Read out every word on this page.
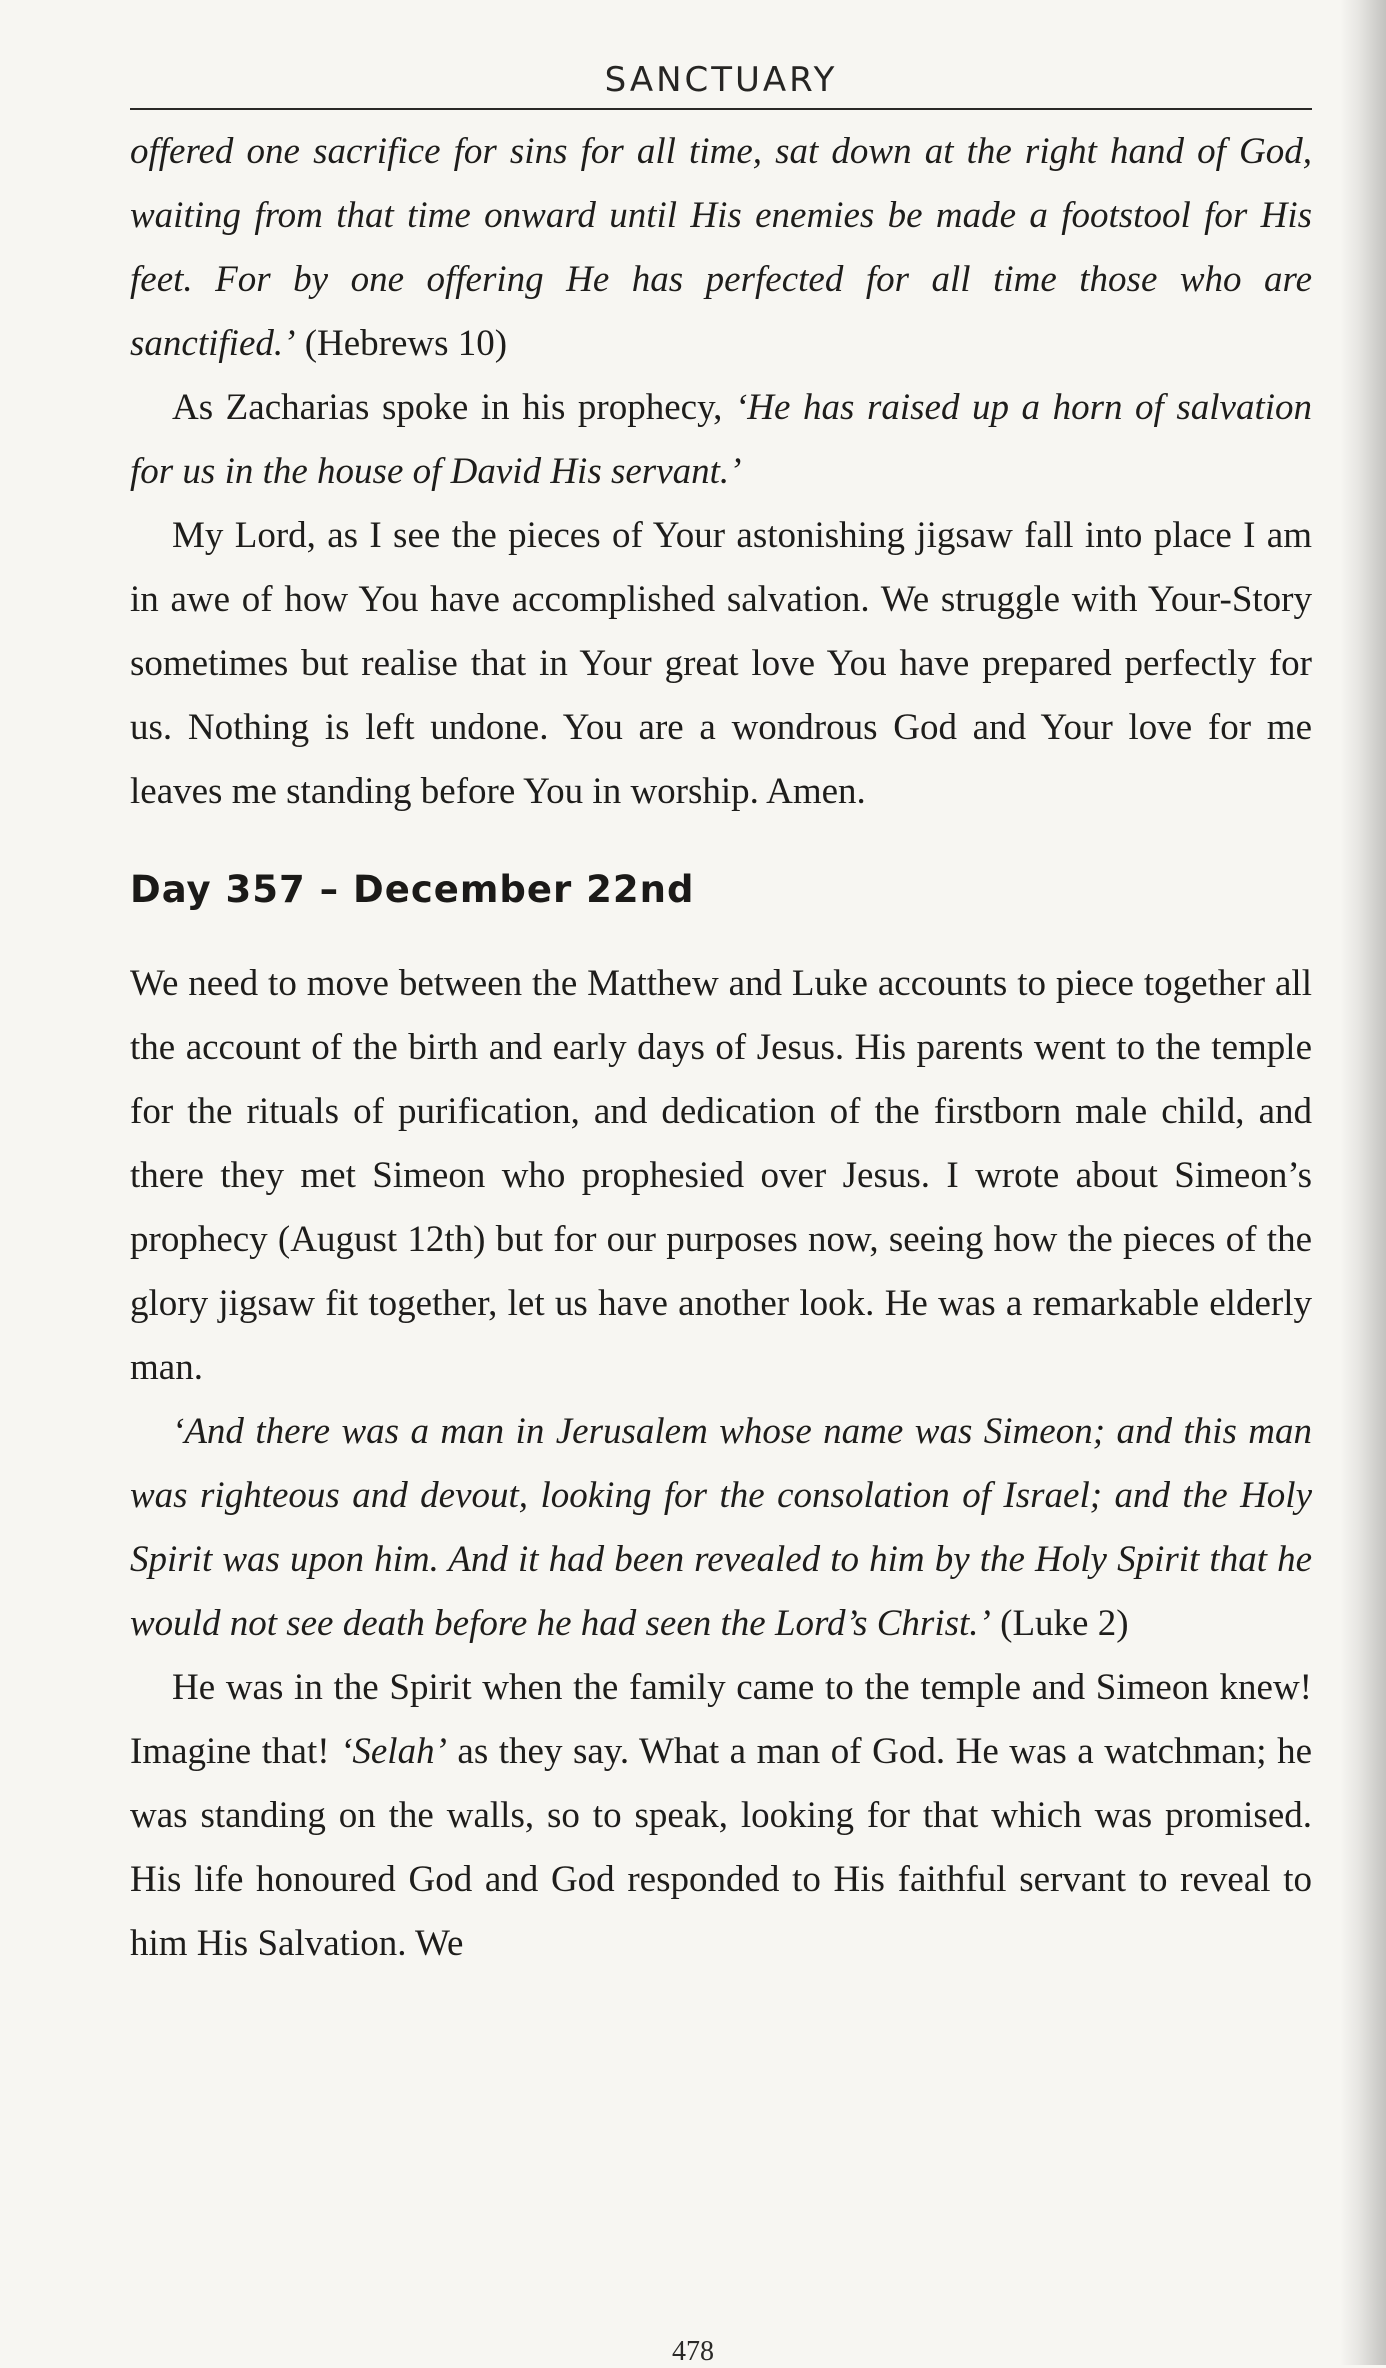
SANCTUARY

offered one sacrifice for sins for all time, sat down at the right hand of God, waiting from that time onward until His enemies be made a footstool for His feet. For by one offering He has perfected for all time those who are sanctified.’ (Hebrews 10)

As Zacharias spoke in his prophecy, ‘He has raised up a horn of salvation for us in the house of David His servant.’

My Lord, as I see the pieces of Your astonishing jigsaw fall into place I am in awe of how You have accomplished salvation. We struggle with Your-Story sometimes but realise that in Your great love You have prepared perfectly for us. Nothing is left undone. You are a wondrous God and Your love for me leaves me standing before You in worship. Amen.

Day 357 – December 22nd

We need to move between the Matthew and Luke accounts to piece together all the account of the birth and early days of Jesus. His parents went to the temple for the rituals of purification, and dedication of the firstborn male child, and there they met Simeon who prophesied over Jesus. I wrote about Simeon’s prophecy (August 12th) but for our purposes now, seeing how the pieces of the glory jigsaw fit together, let us have another look. He was a remarkable elderly man.

‘And there was a man in Jerusalem whose name was Simeon; and this man was righteous and devout, looking for the consolation of Israel; and the Holy Spirit was upon him. And it had been revealed to him by the Holy Spirit that he would not see death before he had seen the Lord’s Christ.’ (Luke 2)

He was in the Spirit when the family came to the temple and Simeon knew! Imagine that! ‘Selah’ as they say. What a man of God. He was a watchman; he was standing on the walls, so to speak, looking for that which was promised. His life honoured God and God responded to His faithful servant to reveal to him His Salvation. We

478
